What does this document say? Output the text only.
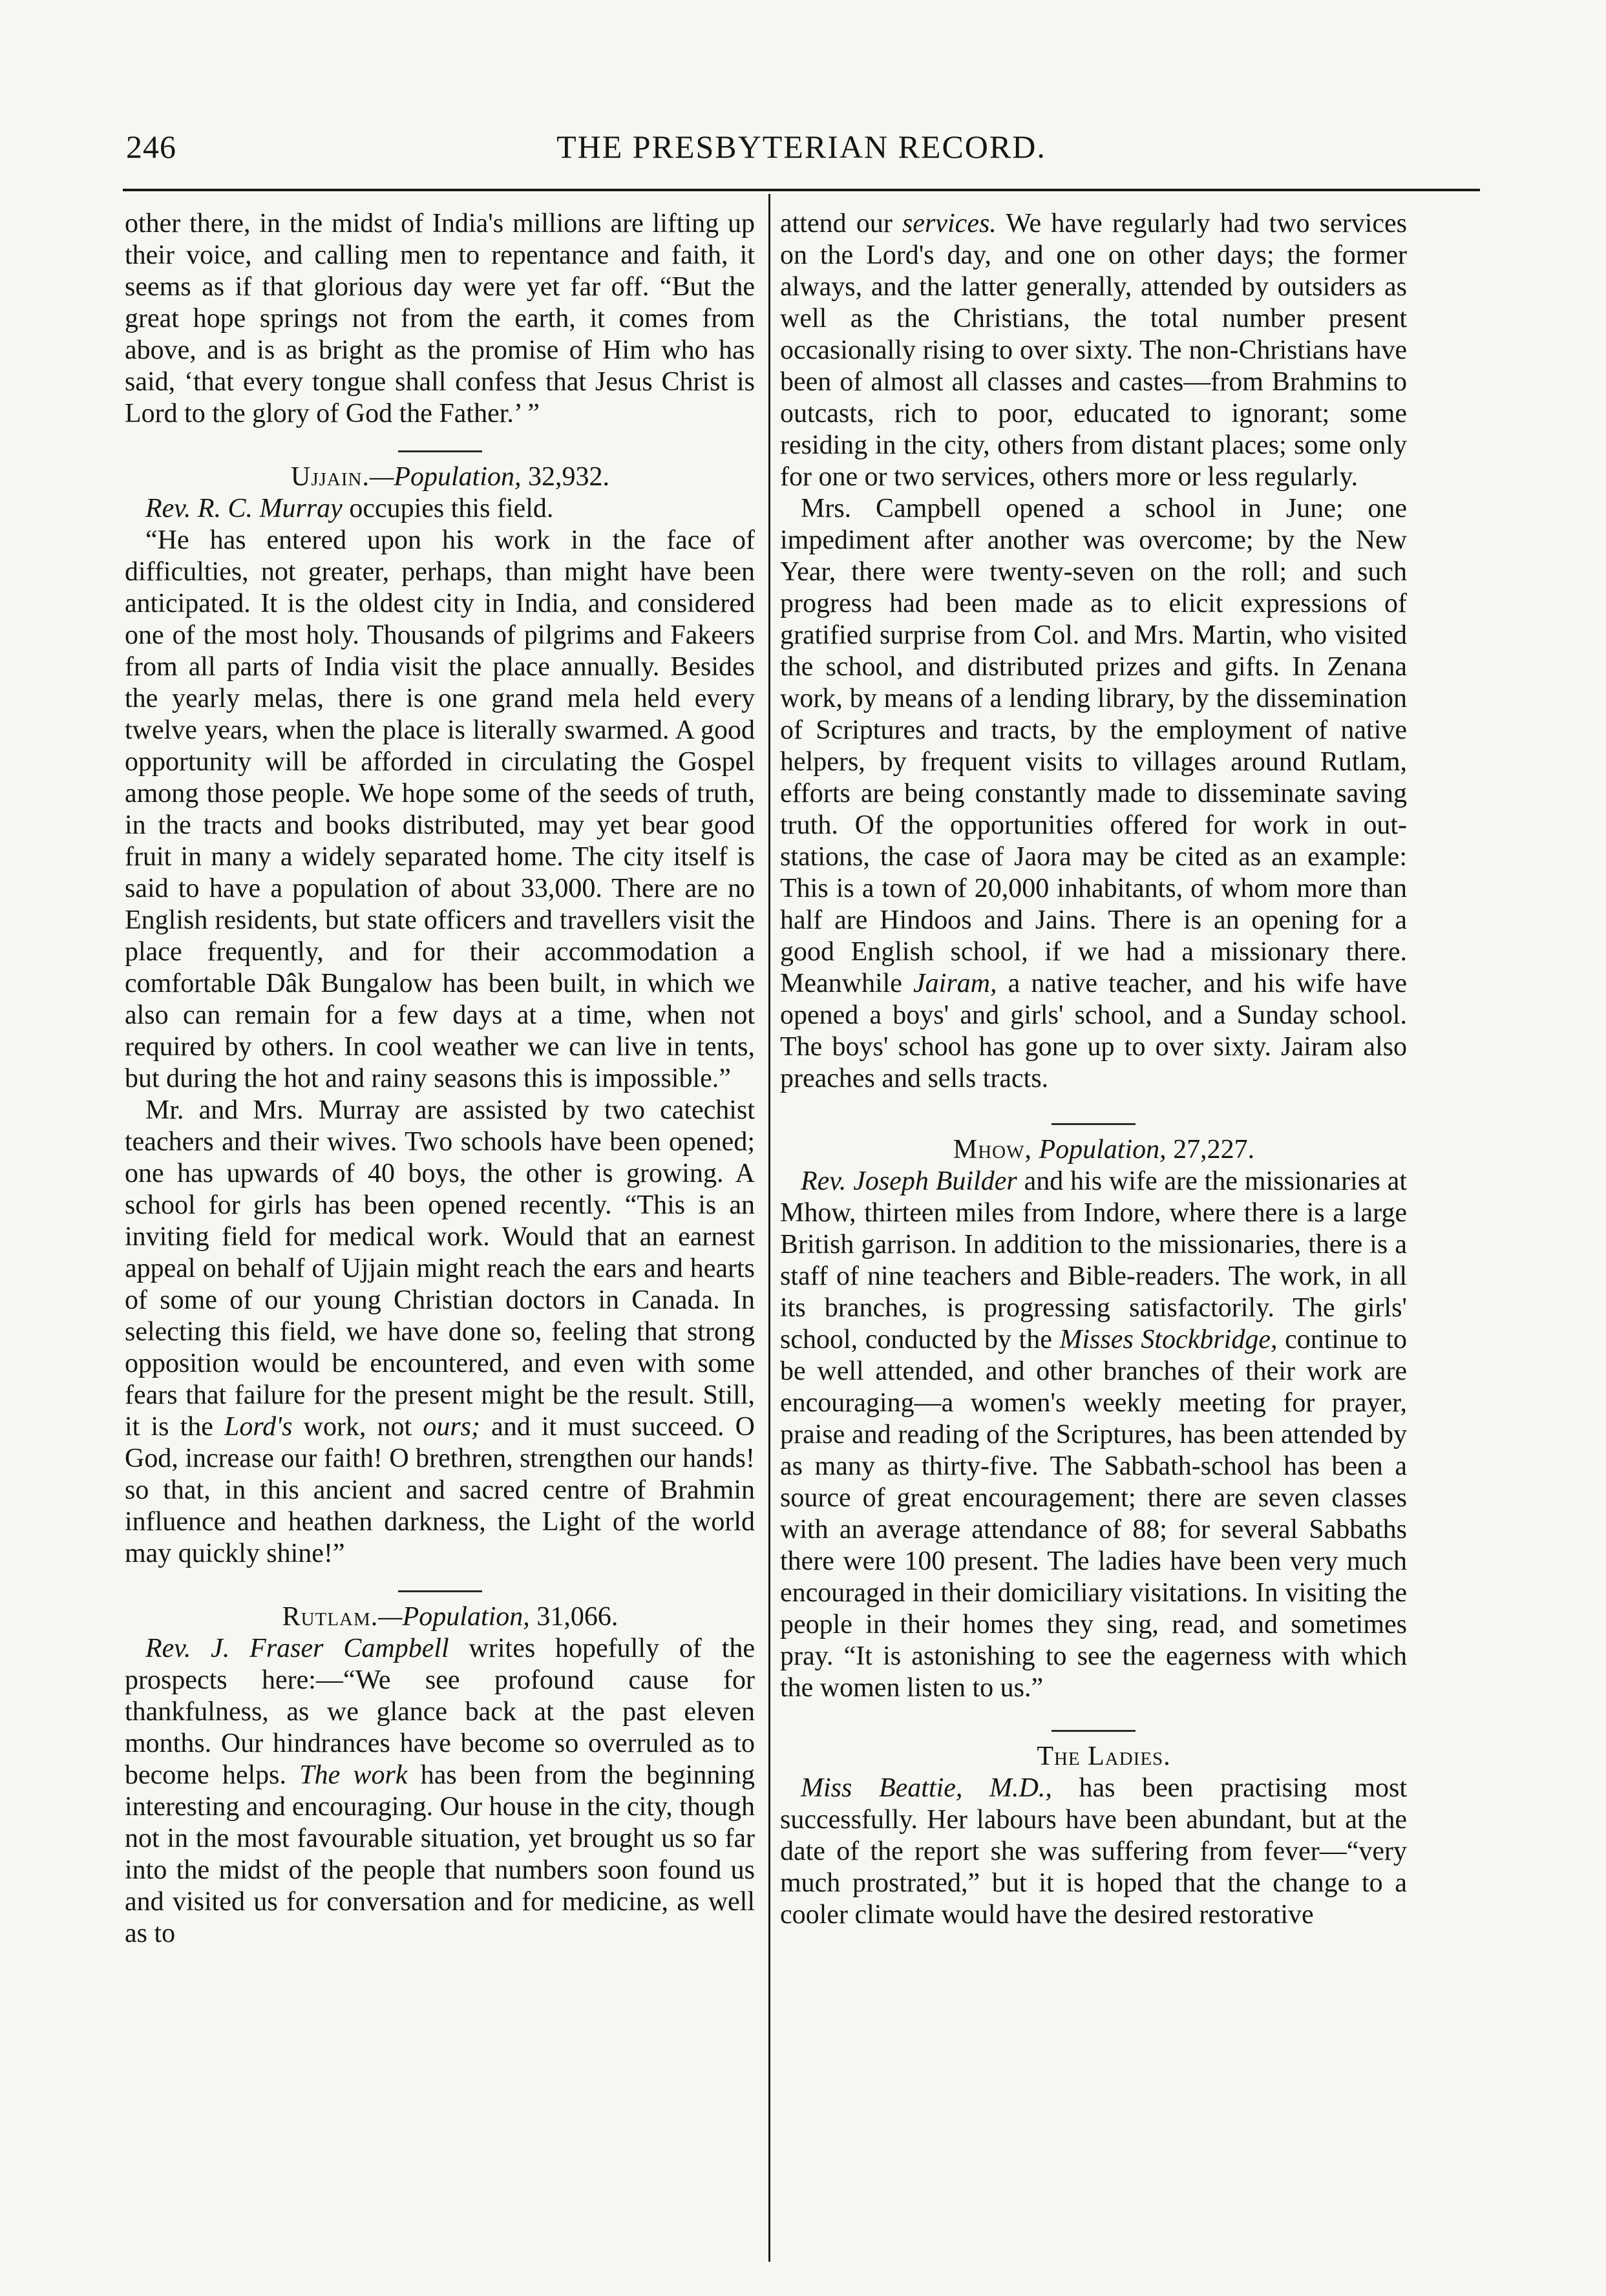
246	THE PRESBYTERIAN RECORD.

other there, in the midst of India's millions are lifting up their voice, and calling men to repentance and faith, it seems as if that glorious day were yet far off. “But the great hope springs not from the earth, it comes from above, and is as bright as the promise of Him who has said, ‘that every tongue shall confess that Jesus Christ is Lord to the glory of God the Father.’ ”

Ujjain.—Population, 32,932.

Rev. R. C. Murray occupies this field.

“He has entered upon his work in the face of difficulties, not greater, perhaps, than might have been anticipated. It is the oldest city in India, and considered one of the most holy. Thousands of pilgrims and Fakeers from all parts of India visit the place annually. Besides the yearly melas, there is one grand mela held every twelve years, when the place is literally swarmed. A good opportunity will be afforded in circulating the Gospel among those people. We hope some of the seeds of truth, in the tracts and books distributed, may yet bear good fruit in many a widely separated home. The city itself is said to have a population of about 33,000. There are no English residents, but state officers and travellers visit the place frequently, and for their accommodation a comfortable Dâk Bungalow has been built, in which we also can remain for a few days at a time, when not required by others. In cool weather we can live in tents, but during the hot and rainy seasons this is impossible.”

Mr. and Mrs. Murray are assisted by two catechist teachers and their wives. Two schools have been opened; one has upwards of 40 boys, the other is growing. A school for girls has been opened recently. “This is an inviting field for medical work. Would that an earnest appeal on behalf of Ujjain might reach the ears and hearts of some of our young Christian doctors in Canada. In selecting this field, we have done so, feeling that strong opposition would be encountered, and even with some fears that failure for the present might be the result. Still, it is the Lord's work, not ours; and it must succeed. O God, increase our faith! O brethren, strengthen our hands! so that, in this ancient and sacred centre of Brahmin influence and heathen darkness, the Light of the world may quickly shine!”

Rutlam.—Population, 31,066.

Rev. J. Fraser Campbell writes hopefully of the prospects here:—“We see profound cause for thankfulness, as we glance back at the past eleven months. Our hindrances have become so overruled as to become helps. The work has been from the beginning interesting and encouraging. Our house in the city, though not in the most favourable situation, yet brought us so far into the midst of the people that numbers soon found us and visited us for conversation and for medicine, as well as to

attend our services. We have regularly had two services on the Lord's day, and one on other days; the former always, and the latter generally, attended by outsiders as well as the Christians, the total number present occasionally rising to over sixty. The non-Christians have been of almost all classes and castes—from Brahmins to outcasts, rich to poor, educated to ignorant; some residing in the city, others from distant places; some only for one or two services, others more or less regularly.

Mrs. Campbell opened a school in June; one impediment after another was overcome; by the New Year, there were twenty-seven on the roll; and such progress had been made as to elicit expressions of gratified surprise from Col. and Mrs. Martin, who visited the school, and distributed prizes and gifts. In Zenana work, by means of a lending library, by the dissemination of Scriptures and tracts, by the employment of native helpers, by frequent visits to villages around Rutlam, efforts are being constantly made to disseminate saving truth. Of the opportunities offered for work in out-stations, the case of Jaora may be cited as an example: This is a town of 20,000 inhabitants, of whom more than half are Hindoos and Jains. There is an opening for a good English school, if we had a missionary there. Meanwhile Jairam, a native teacher, and his wife have opened a boys' and girls' school, and a Sunday school. The boys' school has gone up to over sixty. Jairam also preaches and sells tracts.

Mhow, Population, 27,227.

Rev. Joseph Builder and his wife are the missionaries at Mhow, thirteen miles from Indore, where there is a large British garrison. In addition to the missionaries, there is a staff of nine teachers and Bible-readers. The work, in all its branches, is progressing satisfactorily. The girls' school, conducted by the Misses Stockbridge, continue to be well attended, and other branches of their work are encouraging—a women's weekly meeting for prayer, praise and reading of the Scriptures, has been attended by as many as thirty-five. The Sabbath-school has been a source of great encouragement; there are seven classes with an average attendance of 88; for several Sabbaths there were 100 present. The ladies have been very much encouraged in their domiciliary visitations. In visiting the people in their homes they sing, read, and sometimes pray. “It is astonishing to see the eagerness with which the women listen to us.”

The Ladies.

Miss Beattie, M.D., has been practising most successfully. Her labours have been abundant, but at the date of the report she was suffering from fever—“very much prostrated,” but it is hoped that the change to a cooler climate would have the desired restorative
